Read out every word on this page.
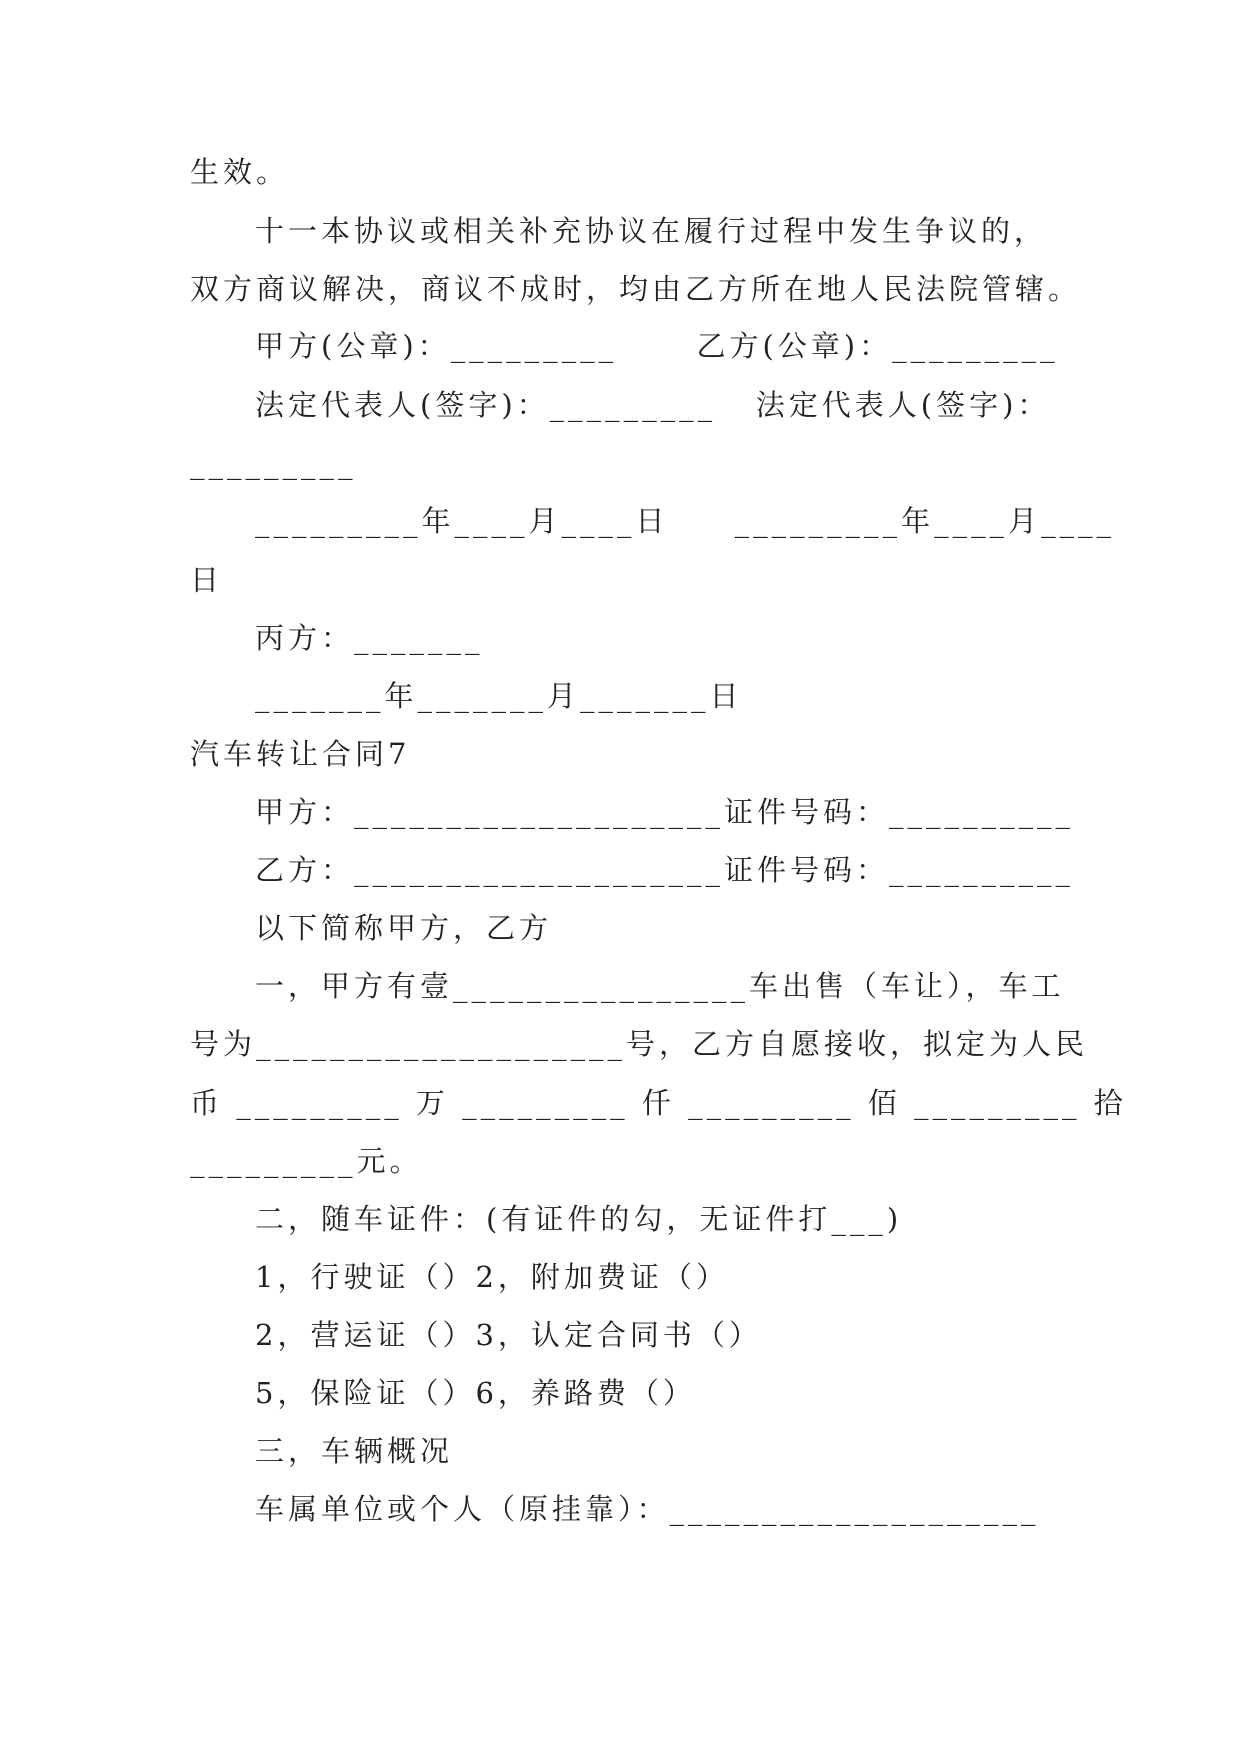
生效。
十一本协议或相关补充协议在履行过程中发生争议的，
双方商议解决，商议不成时，均由乙方所在地人民法院管辖。
甲方(公章)：_________      乙方(公章)：_________
法定代表人(签字)：_________   法定代表人(签字)：
_________
_________年____月____日     _________年____月____
日
丙方：_______
_______年_______月_______日
汽车转让合同7
甲方：____________________证件号码：__________
乙方：____________________证件号码：__________
以下简称甲方，乙方
一，甲方有壹________________车出售（车让），车工
号为____________________号，乙方自愿接收，拟定为人民
币 _________ 万 _________ 仟 _________ 佰 _________ 拾
_________元。
二，随车证件：(有证件的勾，无证件打___)
1，行驶证（）2，附加费证（）
2，营运证（）3，认定合同书（）
5，保险证（）6，养路费（）
三，车辆概况
车属单位或个人（原挂靠）：____________________
